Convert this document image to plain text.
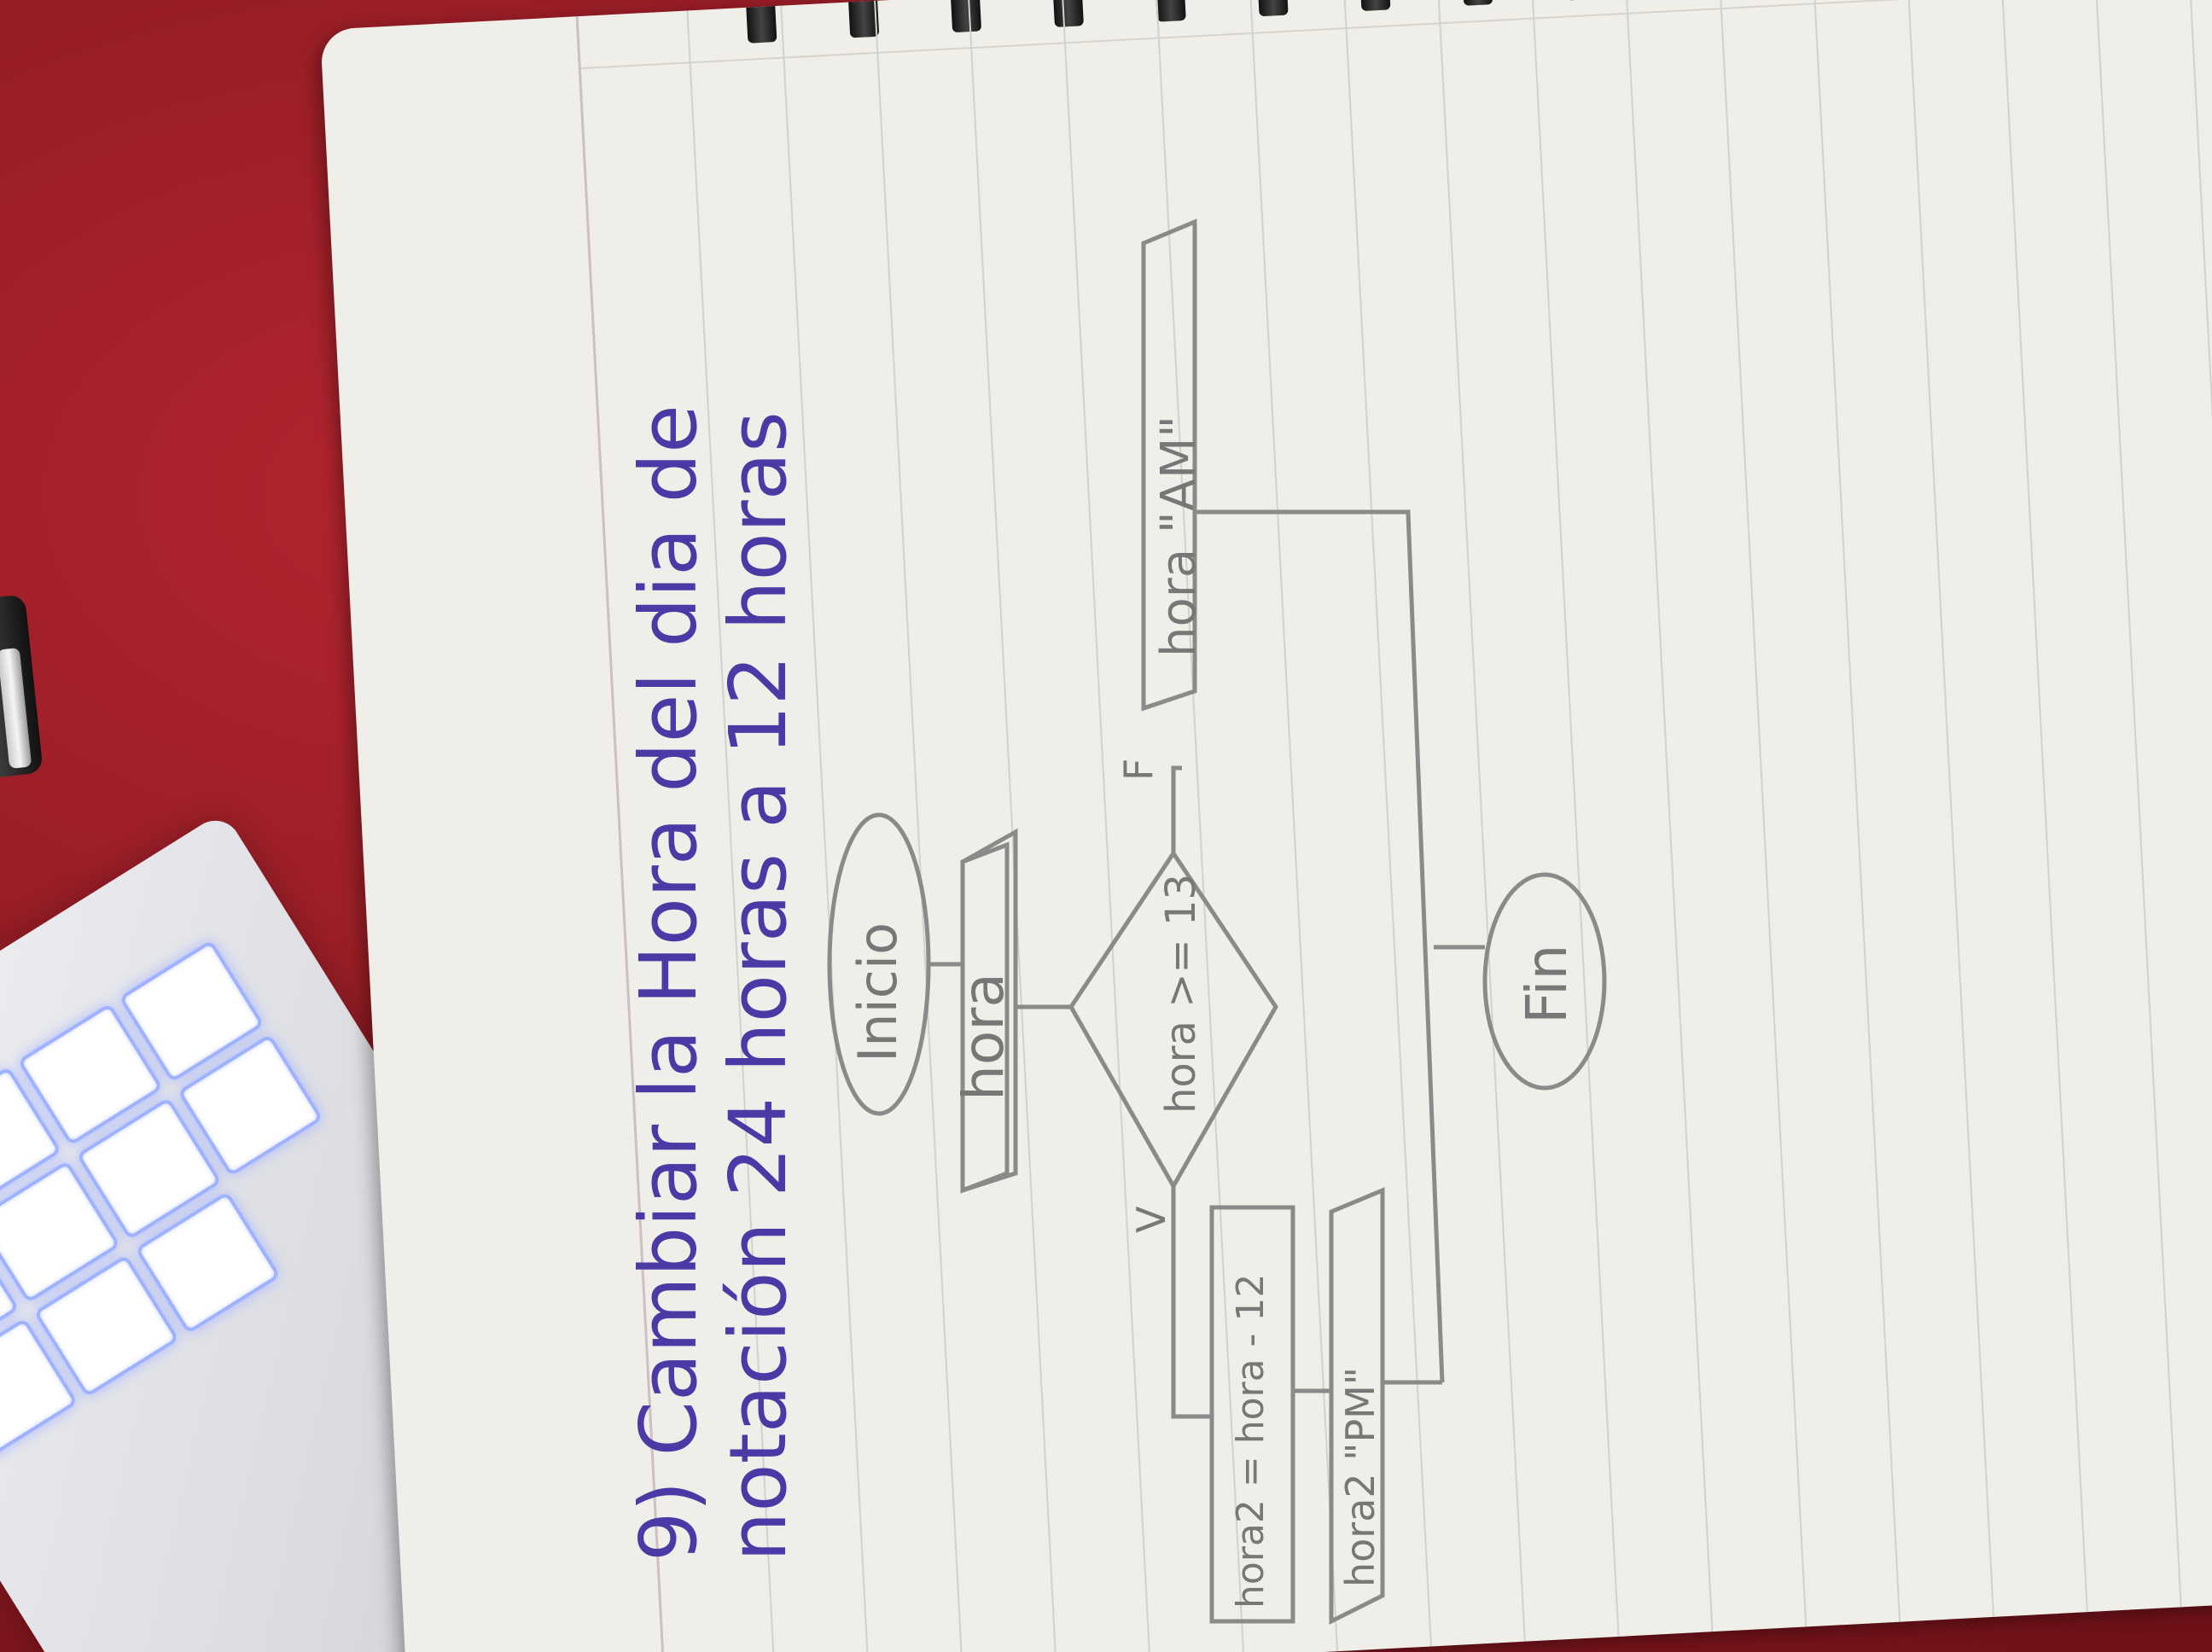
9) Cambiar la Hora del dia de
notación 24 horas a 12 horas Inicio hora	hora >= 13
V
hora2 = hora - 12 hora2 "PM"
F
hora "AM"
Fin
